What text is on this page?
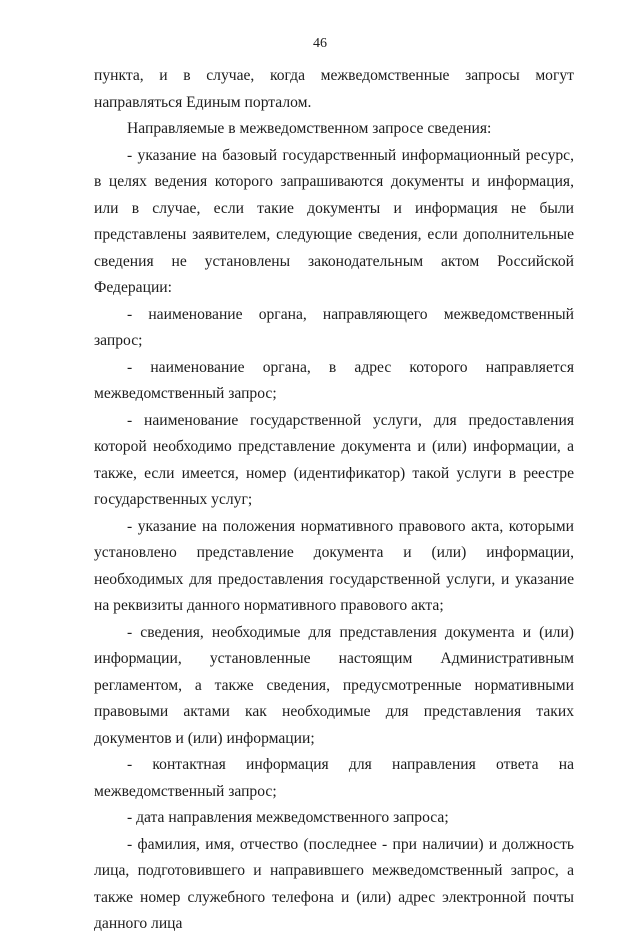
46

пункта, и в случае, когда межведомственные запросы могут направляться Единым порталом.

Направляемые в межведомственном запросе сведения:

- указание на базовый государственный информационный ресурс, в целях ведения которого запрашиваются документы и информация, или в случае, если такие документы и информация не были представлены заявителем, следующие сведения, если дополнительные сведения не установлены законодательным актом Российской Федерации:

- наименование органа, направляющего межведомственный запрос;

- наименование органа, в адрес которого направляется межведомственный запрос;

- наименование государственной услуги, для предоставления которой необходимо представление документа и (или) информации, а также, если имеется, номер (идентификатор) такой услуги в реестре государственных услуг;

- указание на положения нормативного правового акта, которыми установлено представление документа и (или) информации, необходимых для предоставления государственной услуги, и указание на реквизиты данного нормативного правового акта;

- сведения, необходимые для представления документа и (или) информации, установленные настоящим Административным регламентом, а также сведения, предусмотренные нормативными правовыми актами как необходимые для представления таких документов и (или) информации;

- контактная информация для направления ответа на межведомственный запрос;

- дата направления межведомственного запроса;

- фамилия, имя, отчество (последнее - при наличии) и должность лица, подготовившего и направившего межведомственный запрос, а также номер служебного телефона и (или) адрес электронной почты данного лица
